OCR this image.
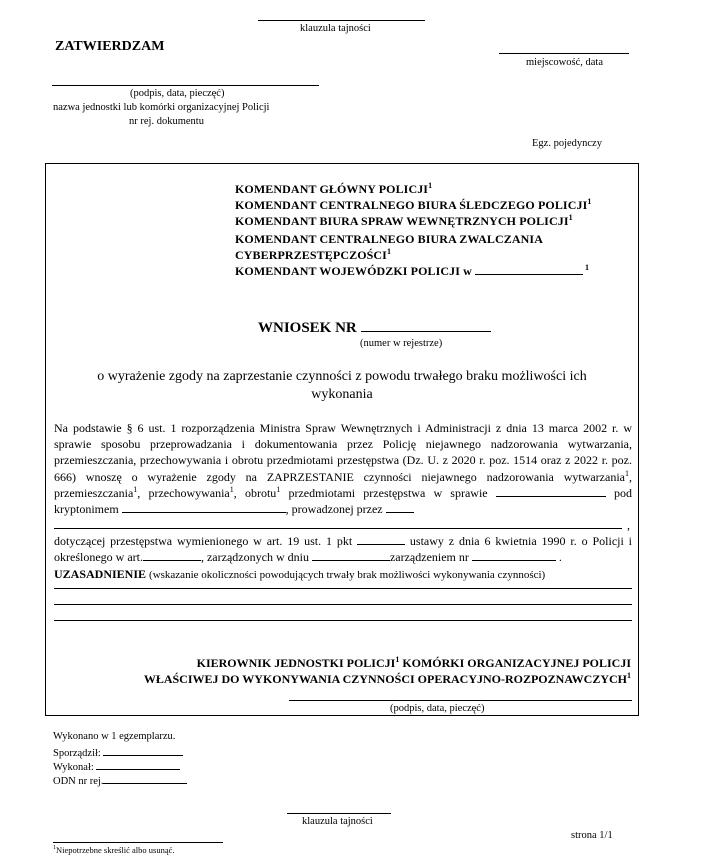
klauzula tajności
ZATWIERDZAM
miejscowość, data
(podpis, data, pieczęć)
nazwa jednostki lub komórki organizacyjnej Policji
nr rej. dokumentu
Egz. pojedynczy
KOMENDANT GŁÓWNY POLICJI$^1$
KOMENDANT CENTRALNEGO BIURA ŚLEDCZEGO POLICJI$^1$
KOMENDANT BIURA SPRAW WEWNĘTRZNYCH POLICJI$^1$
KOMENDANT CENTRALNEGO BIURA ZWALCZANIA
CYBERPRZESTĘPCZOŚCI$^1$
KOMENDANT WOJEWÓDZKI POLICJI w	$^1$
WNIOSEK NR
(numer w rejestrze)
o wyrażenie zgody na zaprzestanie czynności z powodu trwałego braku możliwości ich
wykonania

Na podstawie § 6 ust. 1 rozporządzenia Ministra Spraw Wewnętrznych i Administracji z dnia 13 marca 2002 r. w sprawie sposobu przeprowadzania i dokumentowania przez Policję niejawnego nadzorowania wytwarzania, przemieszczania, przechowywania i obrotu przedmiotami przestępstwa (Dz. U. z 2020 r. poz. 1514 oraz z 2022 r. poz. 666) wnoszę o wyrażenie zgody na ZAPRZESTANIE czynności niejawnego nadzorowania wytwarzania$^1$, przemieszczania$^1$, przechowywania$^1$, obrotu$^1$ przedmiotami przestępstwa w sprawie	pod kryptonimem	, prowadzonej przez

,

dotyczącej przestępstwa wymienionego w art. 19 ust. 1 pkt	ustawy z dnia 6 kwietnia 1990 r. o Policji i określonego w art.	, zarządzonych w dniu	zarządzeniem nr	.

UZASADNIENIE (wskazanie okoliczności powodujących trwały brak możliwości wykonywania czynności)

KIEROWNIK JEDNOSTKI POLICJI$^1$ KOMÓRKI ORGANIZACYJNEJ POLICJI
WŁAŚCIWEJ DO WYKONYWANIA CZYNNOŚCI OPERACYJNO-ROZPOZNAWCZYCH$^1$
(podpis, data, pieczęć)
Wykonano w 1 egzemplarzu.
Sporządził:
Wykonał:
ODN nr rej.
klauzula tajności
strona 1/1
$^1$Niepotrzebne skreślić albo usunąć.
